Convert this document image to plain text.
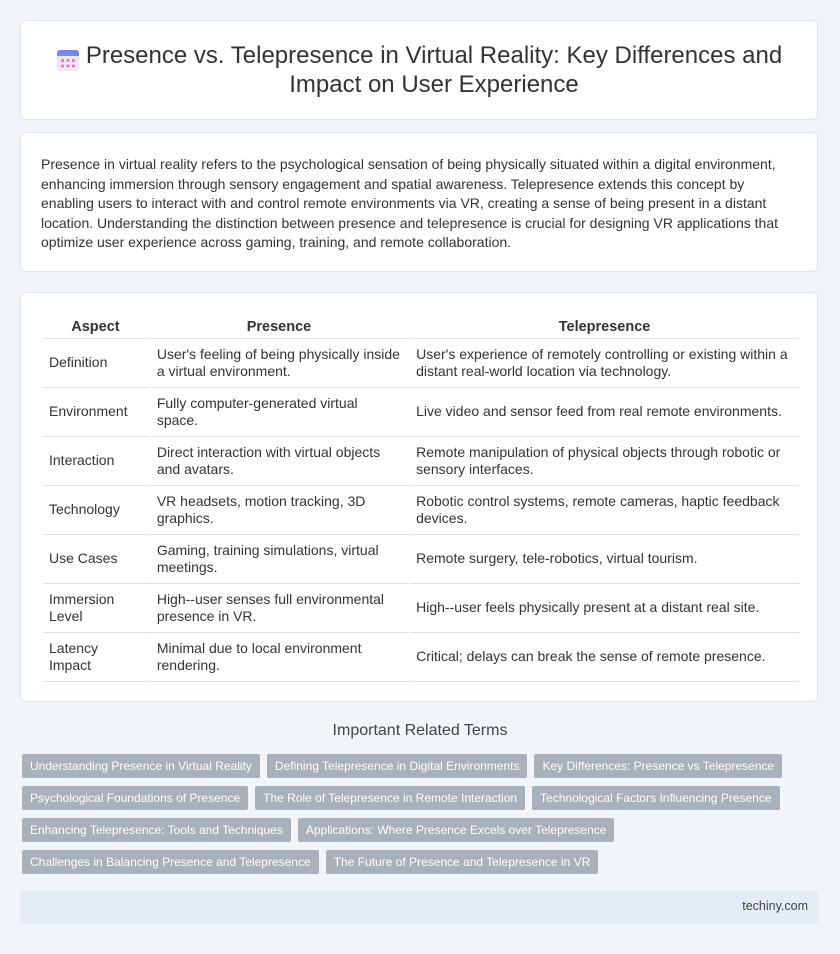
Presence vs. Telepresence in Virtual Reality: Key Differences and Impact on User Experience

Presence in virtual reality refers to the psychological sensation of being physically situated within a digital environment, enhancing immersion through sensory engagement and spatial awareness. Telepresence extends this concept by enabling users to interact with and control remote environments via VR, creating a sense of being present in a distant location. Understanding the distinction between presence and telepresence is crucial for designing VR applications that optimize user experience across gaming, training, and remote collaboration.

Aspect	Presence	Telepresence
Definition	User's feeling of being physically inside a virtual environment.	User's experience of remotely controlling or existing within a distant real-world location via technology.
Environment	Fully computer-generated virtual space.	Live video and sensor feed from real remote environments.
Interaction	Direct interaction with virtual objects and avatars.	Remote manipulation of physical objects through robotic or sensory interfaces.
Technology	VR headsets, motion tracking, 3D graphics.	Robotic control systems, remote cameras, haptic feedback devices.
Use Cases	Gaming, training simulations, virtual meetings.	Remote surgery, tele-robotics, virtual tourism.
Immersion Level	High--user senses full environmental presence in VR.	High--user feels physically present at a distant real site.
Latency Impact	Minimal due to local environment rendering.	Critical; delays can break the sense of remote presence.
Important Related Terms
Understanding Presence in Virtual Reality	Defining Telepresence in Digital Environments	Key Differences: Presence vs Telepresence
Psychological Foundations of Presence	The Role of Telepresence in Remote Interaction	Technological Factors Influencing Presence
Enhancing Telepresence: Tools and Techniques	Applications: Where Presence Excels over Telepresence
Challenges in Balancing Presence and Telepresence	The Future of Presence and Telepresence in VR
techiny.com
